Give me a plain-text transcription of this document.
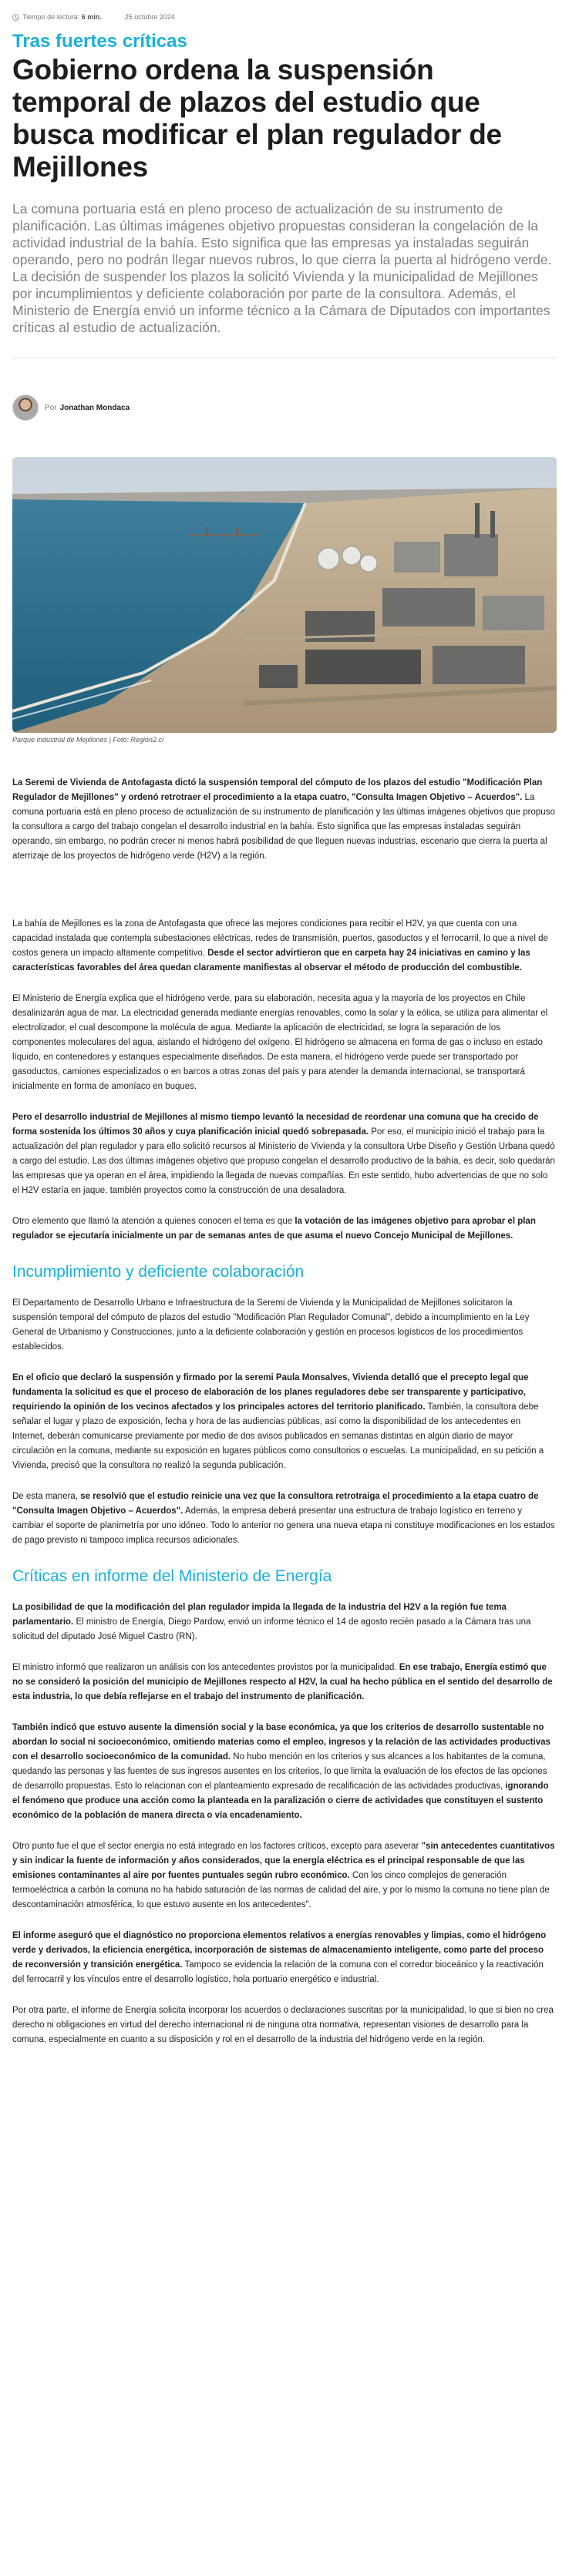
Tiempo de lectura: 6 min.	25 octubre 2024
Tras fuertes críticas
Gobierno ordena la suspensión temporal de plazos del estudio que busca modificar el plan regulador de Mejillones

La comuna portuaria está en pleno proceso de actualización de su instrumento de planificación. Las últimas imágenes objetivo propuestas consideran la congelación de la actividad industrial de la bahía. Esto significa que las empresas ya instaladas seguirán operando, pero no podrán llegar nuevos rubros, lo que cierra la puerta al hidrógeno verde. La decisión de suspender los plazos la solicitó Vivienda y la municipalidad de Mejillones por incumplimientos y deficiente colaboración por parte de la consultora. Además, el Ministerio de Energía envió un informe técnico a la Cámara de Diputados con importantes críticas al estudio de actualización.

Por Jonathan Mondaca
Parque Industrial de Mejillones | Foto: Región2.cl

La Seremi de Vivienda de Antofagasta dictó la suspensión temporal del cómputo de los plazos del estudio "Modificación Plan Regulador de Mejillones" y ordenó retrotraer el procedimiento a la etapa cuatro, "Consulta Imagen Objetivo – Acuerdos". La comuna portuaria está en pleno proceso de actualización de su instrumento de planificación y las últimas imágenes objetivos que propuso la consultora a cargo del trabajo congelan el desarrollo industrial en la bahía. Esto significa que las empresas instaladas seguirán operando, sin embargo, no podrán crecer ni menos habrá posibilidad de que lleguen nuevas industrias, escenario que cierra la puerta al aterrizaje de los proyectos de hidrógeno verde (H2V) a la región.

La bahía de Mejillones es la zona de Antofagasta que ofrece las mejores condiciones para recibir el H2V, ya que cuenta con una capacidad instalada que contempla subestaciones eléctricas, redes de transmisión, puertos, gasoductos y el ferrocarril, lo que a nivel de costos genera un impacto altamente competitivo. Desde el sector advirtieron que en carpeta hay 24 iniciativas en camino y las características favorables del área quedan claramente manifiestas al observar el método de producción del combustible.

El Ministerio de Energía explica que el hidrógeno verde, para su elaboración, necesita agua y la mayoría de los proyectos en Chile desalinizarán agua de mar. La electricidad generada mediante energías renovables, como la solar y la eólica, se utiliza para alimentar el electrolizador, el cual descompone la molécula de agua. Mediante la aplicación de electricidad, se logra la separación de los componentes moleculares del agua, aislando el hidrógeno del oxígeno. El hidrógeno se almacena en forma de gas o incluso en estado líquido, en contenedores y estanques especialmente diseñados. De esta manera, el hidrógeno verde puede ser transportado por gasoductos, camiones especializados o en barcos a otras zonas del país y para atender la demanda internacional, se transportará inicialmente en forma de amoníaco en buques.

Pero el desarrollo industrial de Mejillones al mismo tiempo levantó la necesidad de reordenar una comuna que ha crecido de forma sostenida los últimos 30 años y cuya planificación inicial quedó sobrepasada. Por eso, el municipio inició el trabajo para la actualización del plan regulador y para ello solicitó recursos al Ministerio de Vivienda y la consultora Urbe Diseño y Gestión Urbana quedó a cargo del estudio. Las dos últimas imágenes objetivo que propuso congelan el desarrollo productivo de la bahía, es decir, solo quedarán las empresas que ya operan en el área, impidiendo la llegada de nuevas compañías. En este sentido, hubo advertencias de que no solo el H2V estaría en jaque, también proyectos como la construcción de una desaladora.

Otro elemento que llamó la atención a quienes conocen el tema es que la votación de las imágenes objetivo para aprobar el plan regulador se ejecutaría inicialmente un par de semanas antes de que asuma el nuevo Concejo Municipal de Mejillones.

Incumplimiento y deficiente colaboración

El Departamento de Desarrollo Urbano e Infraestructura de la Seremi de Vivienda y la Municipalidad de Mejillones solicitaron la suspensión temporal del cómputo de plazos del estudio "Modificación Plan Regulador Comunal", debido a incumplimiento en la Ley General de Urbanismo y Construcciones, junto a la deficiente colaboración y gestión en procesos logísticos de los procedimientos establecidos.

En el oficio que declaró la suspensión y firmado por la seremi Paula Monsalves, Vivienda detalló que el precepto legal que fundamenta la solicitud es que el proceso de elaboración de los planes reguladores debe ser transparente y participativo, requiriendo la opinión de los vecinos afectados y los principales actores del territorio planificado. También, la consultora debe señalar el lugar y plazo de exposición, fecha y hora de las audiencias públicas, así como la disponibilidad de los antecedentes en Internet, deberán comunicarse previamente por medio de dos avisos publicados en semanas distintas en algún diario de mayor circulación en la comuna, mediante su exposición en lugares públicos como consultorios o escuelas. La municipalidad, en su petición a Vivienda, precisó que la consultora no realizó la segunda publicación.

De esta manera, se resolvió que el estudio reinicie una vez que la consultora retrotraiga el procedimiento a la etapa cuatro de "Consulta Imagen Objetivo – Acuerdos". Además, la empresa deberá presentar una estructura de trabajo logístico en terreno y cambiar el soporte de planimetría por uno idóneo. Todo lo anterior no genera una nueva etapa ni constituye modificaciones en los estados de pago previsto ni tampoco implica recursos adicionales.

Críticas en informe del Ministerio de Energía

La posibilidad de que la modificación del plan regulador impida la llegada de la industria del H2V a la región fue tema parlamentario. El ministro de Energía, Diego Pardow, envió un informe técnico el 14 de agosto recién pasado a la Cámara tras una solicitud del diputado José Miguel Castro (RN).

El ministro informó que realizaron un análisis con los antecedentes provistos por la municipalidad. En ese trabajo, Energía estimó que no se consideró la posición del municipio de Mejillones respecto al H2V, la cual ha hecho pública en el sentido del desarrollo de esta industria, lo que debía reflejarse en el trabajo del instrumento de planificación.

También indicó que estuvo ausente la dimensión social y la base económica, ya que los criterios de desarrollo sustentable no abordan lo social ni socioeconómico, omitiendo materias como el empleo, ingresos y la relación de las actividades productivas con el desarrollo socioeconómico de la comunidad. No hubo mención en los criterios y sus alcances a los habitantes de la comuna, quedando las personas y las fuentes de sus ingresos ausentes en los criterios, lo que limita la evaluación de los efectos de las opciones de desarrollo propuestas. Esto lo relacionan con el planteamiento expresado de recalificación de las actividades productivas, ignorando el fenómeno que produce una acción como la planteada en la paralización o cierre de actividades que constituyen el sustento económico de la población de manera directa o vía encadenamiento.

Otro punto fue el que el sector energía no está integrado en los factores críticos, excepto para aseverar "sin antecedentes cuantitativos y sin indicar la fuente de información y años considerados, que la energía eléctrica es el principal responsable de que las emisiones contaminantes al aire por fuentes puntuales según rubro económico. Con los cinco complejos de generación termoeléctrica a carbón la comuna no ha habido saturación de las normas de calidad del aire, y por lo mismo la comuna no tiene plan de descontaminación atmosférica, lo que estuvo ausente en los antecedentes".

El informe aseguró que el diagnóstico no proporciona elementos relativos a energías renovables y limpias, como el hidrógeno verde y derivados, la eficiencia energética, incorporación de sistemas de almacenamiento inteligente, como parte del proceso de reconversión y transición energética. Tampoco se evidencia la relación de la comuna con el corredor bioceánico y la reactivación del ferrocarril y los vínculos entre el desarrollo logístico, hola portuario energético e industrial.

Por otra parte, el informe de Energía solicita incorporar los acuerdos o declaraciones suscritas por la municipalidad, lo que si bien no crea derecho ni obligaciones en virtud del derecho internacional ni de ninguna otra normativa, representan visiones de desarrollo para la comuna, especialmente en cuanto a su disposición y rol en el desarrollo de la industria del hidrógeno verde en la región.
